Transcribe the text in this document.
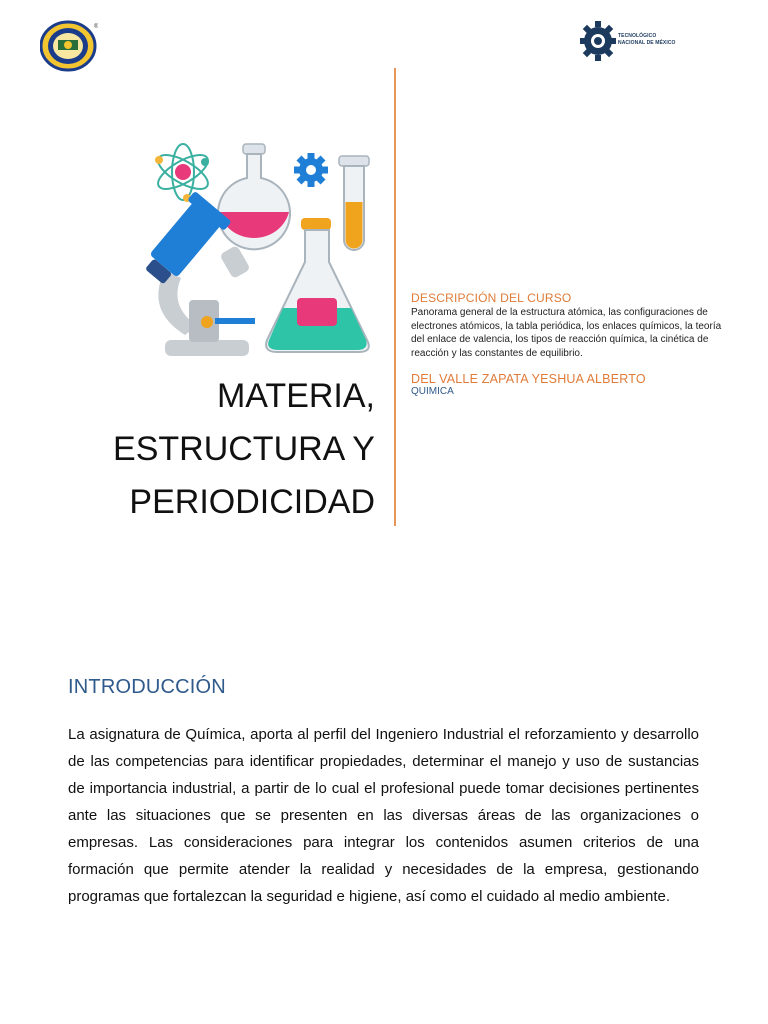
®
TECNOLÓGICO
NACIONAL DE MÉXICO
MATERIA,
ESTRUCTURA Y
PERIODICIDAD
DESCRIPCIÓN DEL CURSO
Panorama general de la estructura atómica, las configuraciones de electrones atómicos, la tabla periódica, los enlaces químicos, la teoría del enlace de valencia, los tipos de reacción química, la cinética de reacción y las constantes de equilibrio.
DEL VALLE ZAPATA YESHUA ALBERTO
QUIMICA
INTRODUCCIÓN
La asignatura de Química, aporta al perfil del Ingeniero Industrial el reforzamiento y desarrollo de las competencias para identificar propiedades, determinar el manejo y uso de sustancias de importancia industrial, a partir de lo cual el profesional puede tomar decisiones pertinentes ante las situaciones que se presenten en las diversas áreas de las organizaciones o empresas. Las consideraciones para integrar los contenidos asumen criterios de una formación que permite atender la realidad y necesidades de la empresa, gestionando programas que fortalezcan la seguridad e higiene, así como el cuidado al medio ambiente.
